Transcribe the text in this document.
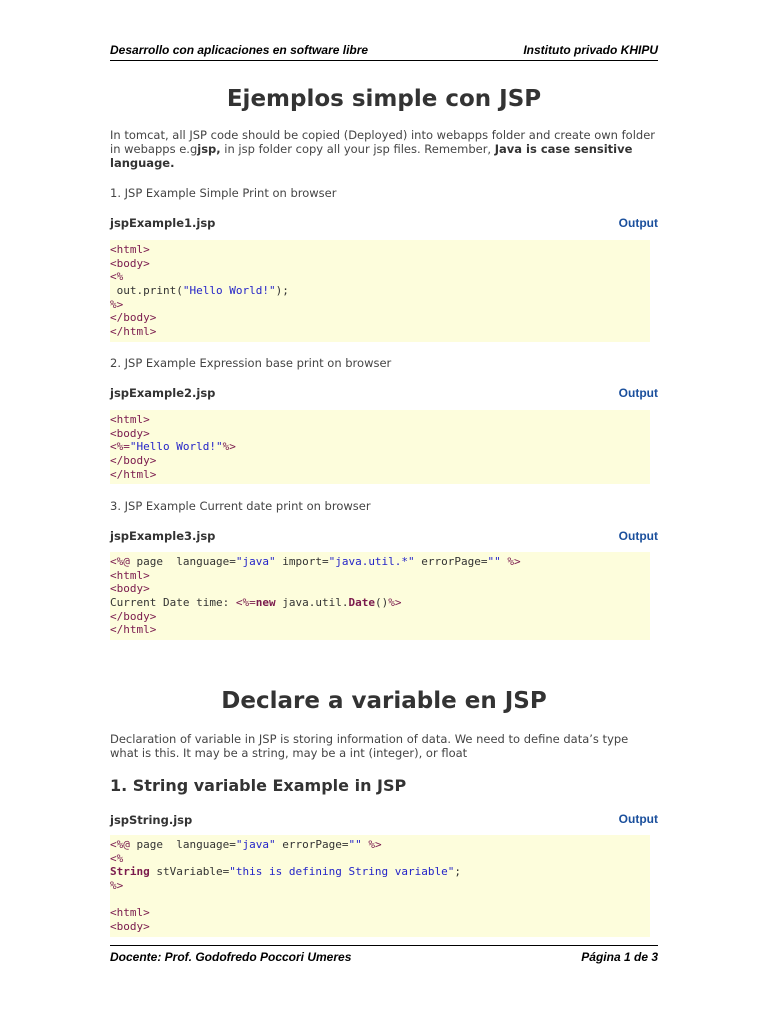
Desarrollo con aplicaciones en software libre	Instituto privado KHIPU
Ejemplos simple con JSP
In tomcat, all JSP code should be copied (Deployed) into webapps folder and create own folder in webapps e.gjsp, in jsp folder copy all your jsp files. Remember, Java is case sensitive language.
1. JSP Example Simple Print on browser
jspExample1.jsp	Output
<html>
<body>
<%
out.print("Hello World!");
%>
</body>
</html>
2. JSP Example Expression base print on browser
jspExample2.jsp	Output
<html>
<body>
<%="Hello World!"%>
</body>
</html>
3. JSP Example Current date print on browser
jspExample3.jsp	Output
<%@ page  language="java" import="java.util.*" errorPage="" %>
<html>
<body>
Current Date time: <%=new java.util.Date()%>
</body>
</html>
Declare a variable en JSP
Declaration of variable in JSP is storing information of data. We need to define data’s type what is this. It may be a string, may be a int (integer), or float
1. String variable Example in JSP
jspString.jsp	Output
<%@ page  language="java" errorPage="" %>
<%
String stVariable="this is defining String variable";
%>
<html>
<body>
Docente: Prof. Godofredo Poccori Umeres	Página 1 de 3
